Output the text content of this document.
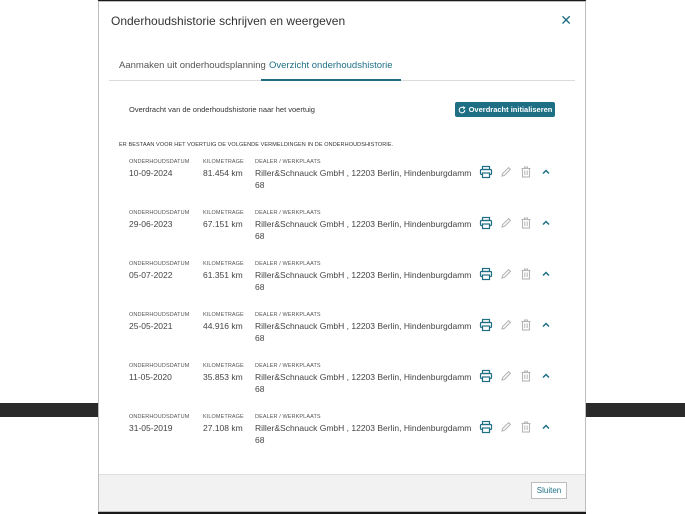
Onderhoudshistorie schrijven en weergeven	✕
Aanmaken uit onderhoudsplanning Overzicht onderhoudshistorie
Overdracht van de onderhoudshistorie naar het voertuig	Overdracht initialiseren
ER BESTAAN VOOR HET VOERTUIG DE VOLGENDE VERMELDINGEN IN DE ONDERHOUDSHISTORIE.
ONDERHOUDSDATUM
10-09-2024
KILOMETRAGE
81.454 km
DEALER / WERKPLAATS
Riller&Schnauck GmbH , 12203 Berlin, Hindenburgdamm 68
ONDERHOUDSDATUM
29-06-2023
KILOMETRAGE
67.151 km
DEALER / WERKPLAATS
Riller&Schnauck GmbH , 12203 Berlin, Hindenburgdamm 68
ONDERHOUDSDATUM
05-07-2022
KILOMETRAGE
61.351 km
DEALER / WERKPLAATS
Riller&Schnauck GmbH , 12203 Berlin, Hindenburgdamm 68
ONDERHOUDSDATUM
25-05-2021
KILOMETRAGE
44.916 km
DEALER / WERKPLAATS
Riller&Schnauck GmbH , 12203 Berlin, Hindenburgdamm 68
ONDERHOUDSDATUM
11-05-2020
KILOMETRAGE
35.853 km
DEALER / WERKPLAATS
Riller&Schnauck GmbH , 12203 Berlin, Hindenburgdamm 68
ONDERHOUDSDATUM
31-05-2019
KILOMETRAGE
27.108 km
DEALER / WERKPLAATS
Riller&Schnauck GmbH , 12203 Berlin, Hindenburgdamm 68
Sluiten
